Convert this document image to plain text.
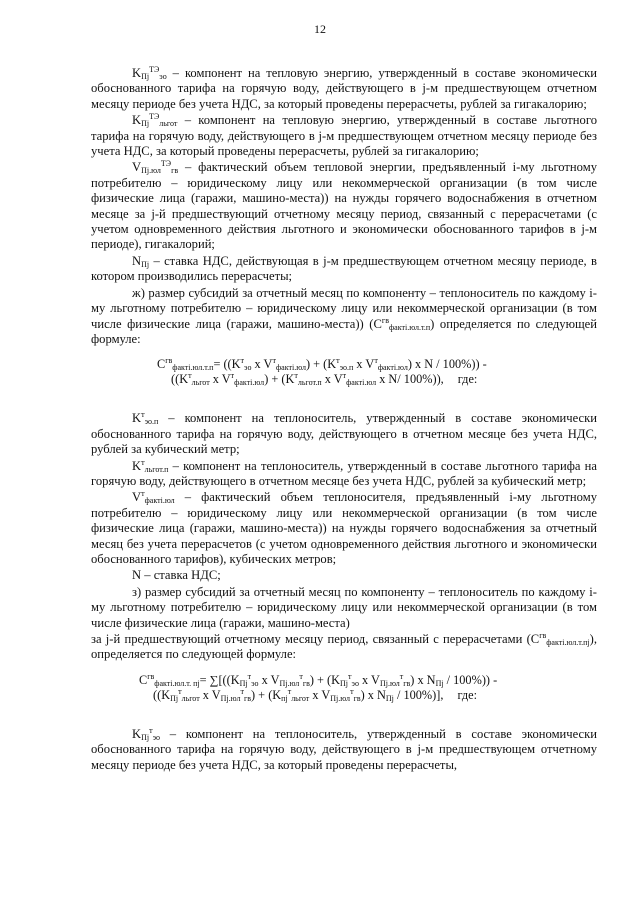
12

$K_{Пj}^{ТЭ}_{эо}$ – компонент на тепловую энергию, утвержденный в составе экономически обоснованного тарифа на горячую воду, действующего в j-м предшествующем отчетном месяцу периоде без учета НДС, за который проведены перерасчеты, рублей за гигакалорию;

$K_{Пj}^{ТЭ}_{льгот}$ – компонент на тепловую энергию, утвержденный в составе льготного тарифа на горячую воду, действующего в j-м предшествующем отчетном месяцу периоде без учета НДС, за который проведены перерасчеты, рублей за гигакалорию;

$V_{Пj.юл}^{ТЭ}_{гв}$ – фактический объем тепловой энергии, предъявленный i-му льготному потребителю – юридическому лицу или некоммерческой организации (в том числе физические лица (гаражи, машино-места)) на нужды горячего водоснабжения в отчетном месяце за j-й предшествующий отчетному месяцу период, связанный с перерасчетами (с учетом одновременного действия льготного и экономически обоснованного тарифов в j-м периоде), гигакалорий;

$N_{Пj}$ – ставка НДС, действующая в j-м предшествующем отчетном месяцу периоде, в котором производились перерасчеты;

ж) размер субсидий за отчетный месяц по компоненту – теплоноситель по каждому i-му льготному потребителю – юридическому лицу или некоммерческой организации (в том числе физические лица (гаражи, машино-места)) $(С^{гв}_{факті.юл.т.п})$ определяется по следующей формуле:

$С^{гв}_{факті.юл.т.п}= ((K^т_{эо}$ x $V^т_{факті.юл}) + (K^т_{эо.п}$ x $V^т_{факті.юл}$) x N / 100%)) -
(($K^т_{льгот}$ x $V^т_{факті.юл}) + (K^т_{льгот.п}$ x $V^т_{факті.юл}$ x N/ 100%)), где:

$K^т_{эо.п}$ – компонент на теплоноситель, утвержденный в составе экономически обоснованного тарифа на горячую воду, действующего в отчетном месяце без учета НДС, рублей за кубический метр;

$K^т_{льгот.п}$ – компонент на теплоноситель, утвержденный в составе льготного тарифа на горячую воду, действующего в отчетном месяце без учета НДС, рублей за кубический метр;

$V^т_{факті.юл}$ – фактический объем теплоносителя, предъявленный i-му льготному потребителю – юридическому лицу или некоммерческой организации (в том числе физические лица (гаражи, машино-места)) на нужды горячего водоснабжения за отчетный месяц без учета перерасчетов (с учетом одновременного действия льготного и экономически обоснованного тарифов), кубических метров;

N – ставка НДС;

з) размер субсидий за отчетный месяц по компоненту – теплоноситель по каждому i-му льготному потребителю – юридическому лицу или некоммерческой организации (в том числе физические лица (гаражи, машино-места)

за j-й предшествующий отчетному месяцу период, связанный с перерасчетами $(С^{гв}_{факті.юл.т.пj})$, определяется по следующей формуле:

$С^{гв}_{факті.юл.т. пj}= \sum[((K_{Пj}^т_{эо}$ x $V_{Пj.юл}^т_{гв}) + (K_{Пj}^т_{эо}$ x $V_{Пj.юл}^т_{гв}$) x $N_{Пj} / 100\%$)) -
(($K_{Пj}^т_{льгот}$ x $V_{Пj.юл}^т_{гв}) + (K_{пj}^т_{льгот}$ x $V_{Пj.юл}^т_{гв}$) x $N_{Пj} / 100\%$)], где:

$K_{Пj}^т_{эо}$ – компонент на теплоноситель, утвержденный в составе экономически обоснованного тарифа на горячую воду, действующего в j-м предшествующем отчетному месяцу периоде без учета НДС, за который проведены перерасчеты,
